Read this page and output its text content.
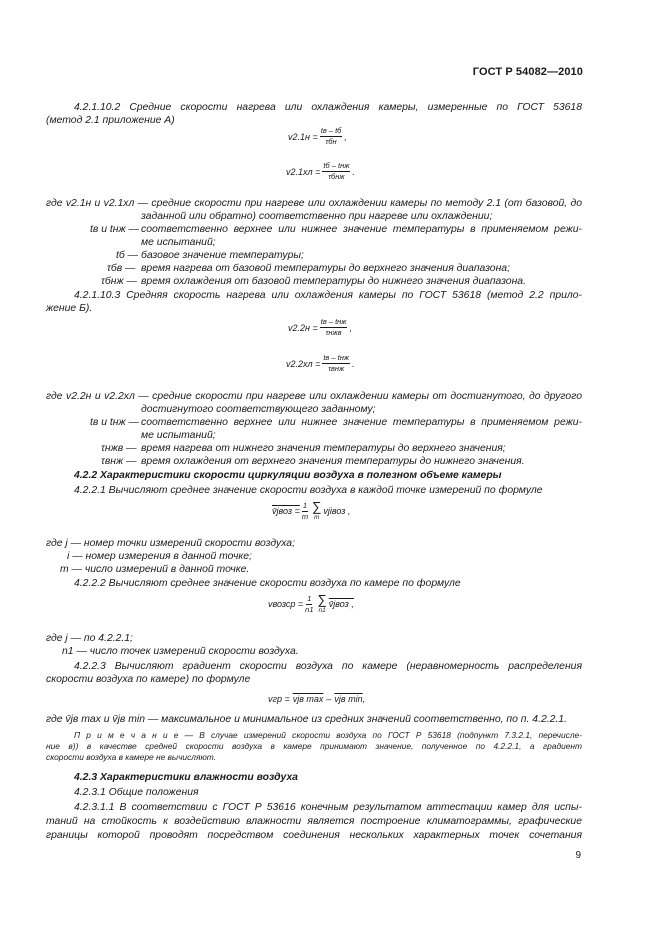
ГОСТ Р 54082—2010
4.2.1.10.2 Средние скорости нагрева или охлаждения камеры, измеренные по ГОСТ 53618
(метод 2.1 приложение А)
$v2.1н = \frac{tв - tб}{\text{τбн}}$ ,
$v2.1хл = \frac{\text{tб – tнж}}{\text{τбнж}}$ .
где v2.1н и v2.1хл — средние скорости при нагреве или охлаждении камеры по методу 2.1 (от базовой, до
заданной или обратно) соответственно при нагреве или охлаждении;
tв и tнж — соответственно верхнее или нижнее значение температуры в применяемом режи-
ме испытаний;
tб — базовое значение температуры;
τбв — время нагрева от базовой температуры до верхнего значения диапазона;
τбнж — время охлаждения от базовой температуры до нижнего значения диапазона.
4.2.1.10.3 Средняя скорость нагрева или охлаждения камеры по ГОСТ 53618 (метод 2.2 прило-
жение Б).
$v2.2н = \frac{\text{tв – tнж}}{\text{τнжв}}$ ,
$v2.2хл = \frac{\text{tв – tнж}}{\text{τвнж}}$ .
где v2.2н и v2.2хл — средние скорости при нагреве или охлаждении камеры от достигнутого, до другого
достигнутого соответствующего заданному;
tв и tнж — соответственно верхнее или нижнее значение температуры в применяемом режи-
ме испытаний;
τнжв — время нагрева от нижнего значения температуры до верхнего значения;
τвнж — время охлаждения от верхнего значения температуры до нижнего значения.
4.2.2 Характеристики скорости циркуляции воздуха в полезном объеме камеры
4.2.2.1 Вычисляют среднее значение скорости воздуха в каждой точке измерений по формуле
v̄jвоз = $\frac{1}{m}$ ∑
m
vjiвоз ,
где j — номер точки измерений скорости воздуха;
i — номер измерения в данной точке;
m — число измерений в данной точке.
4.2.2.2 Вычисляют среднее значение скорости воздуха по камере по формуле
vвозср = $\frac{1}{n1}$ ∑
n1
v̄jвоз ,
где j — по 4.2.2.1;
n1 — число точек измерений скорости воздуха.
4.2.2.3 Вычисляют градиент скорости воздуха по камере (неравномерность распределения
скорости воздуха по камере) по формуле
vгр = vjв max – vjв min ,
где v̄jв max и v̄jв min — максимальное и минимальное из средних значений соответственно, по п. 4.2.2.1.
П р и м е ч а н и е — В случае измерений скорости воздуха по ГОСТ Р 53618 (подпункт 7.3.2.1, перечисле-
ние в)) в качестве средней скорости воздуха в камере принимают значение, полученное по 4.2.2.1, а градиент
скорости воздуха в камере не вычисляют.
4.2.3 Характеристики влажности воздуха
4.2.3.1 Общие положения
4.2.3.1.1 В соответствии с ГОСТ Р 53616 конечным результатом аттестации камер для испы-
таний на стойкость к воздействию влажности является построение климатограммы, графические
границы которой проводят посредством соединения нескольких характерных точек сочетания
9
